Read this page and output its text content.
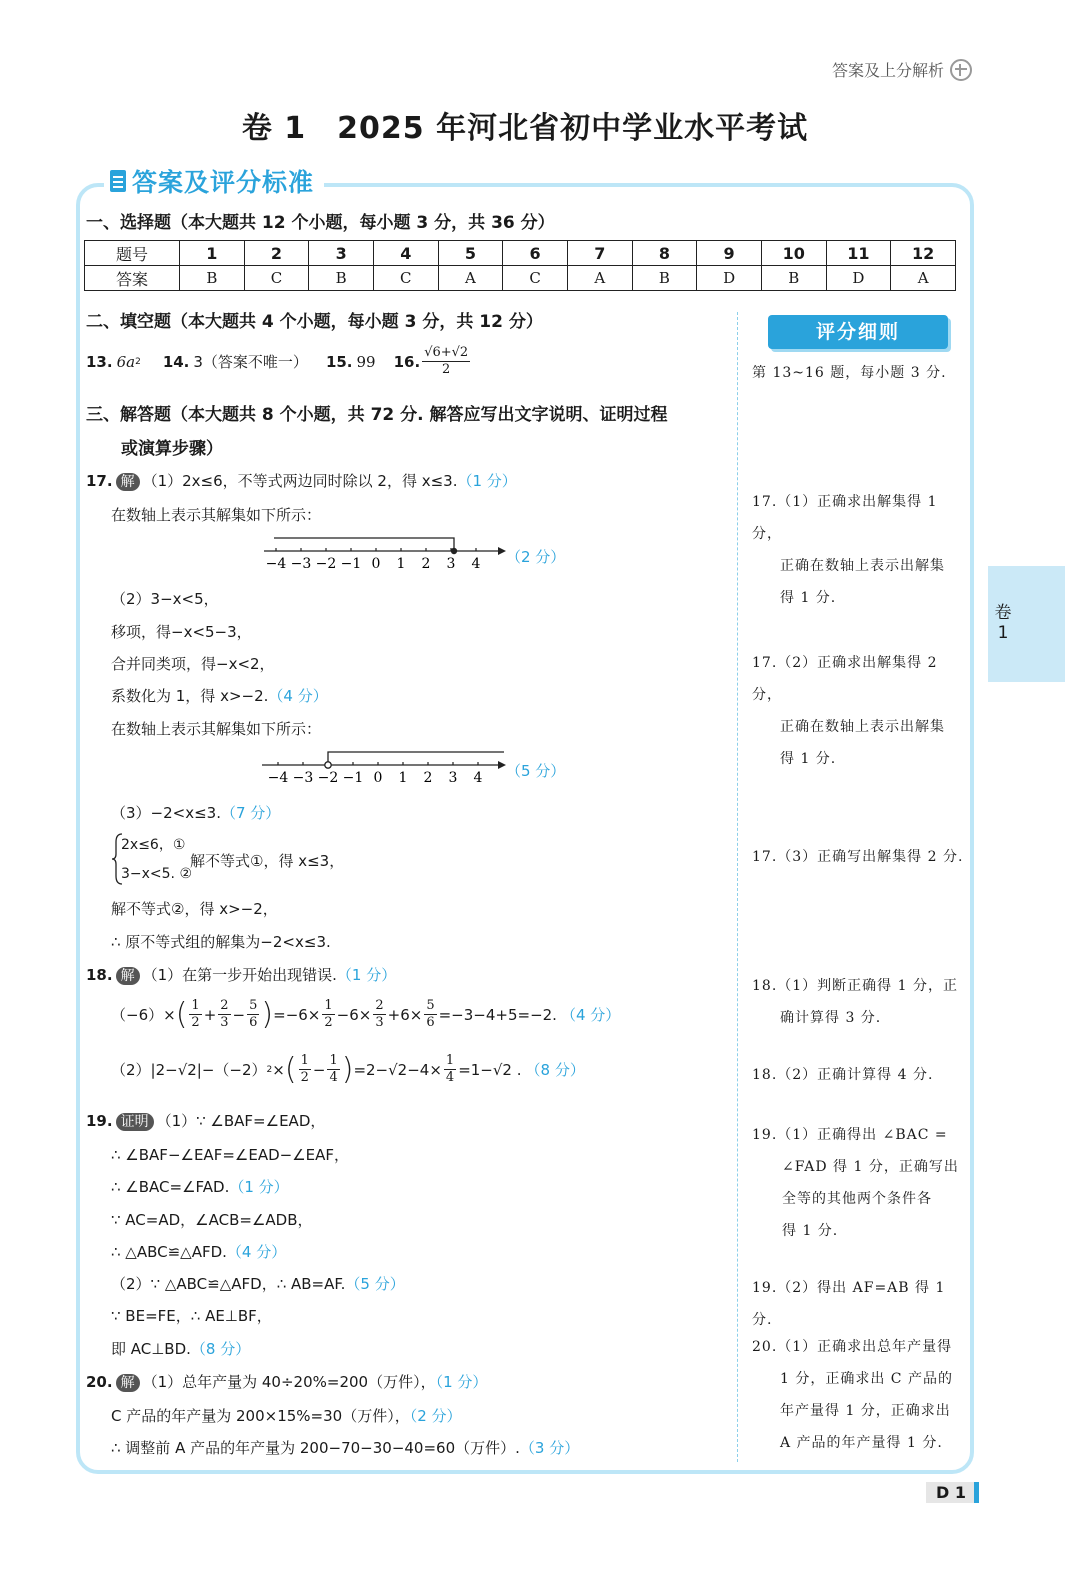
答案及上分解析
卷 1　2025 年河北省初中学业水平考试
答案及评分标准
一、选择题（本大题共 12 个小题，每小题 3 分，共 36 分）
题号	1	2	3	4	5	6	7	8	9	10	11	12
答案	B	C	B	C	A	C	A	B	D	B	D	A
评分细则
二、填空题（本大题共 4 个小题，每小题 3 分，共 12 分）
13. 6a 2 14. 3（答案不唯一） 15. 99 16. $\frac{√6+√2}{2}$	第 13~16 题，每小题 3 分.
三、解答题（本大题共 8 个小题，共 72 分. 解答应写出文字说明、证明过程
或演算步骤）
17. 解 （1）2x≤6，不等式两边同时除以 2，得 x≤3.（1 分）
在数轴上表示其解集如下所示：
−4 −3 −2 −1 0 1 2 3 4 （2 分）
（2）3−x<5，
移项，得−x<5−3，
合并同类项，得−x<2，
系数化为 1，得 x>−2.（4 分）
在数轴上表示其解集如下所示：
−4 −3 −2 −1 0 1 2 3 4 （5 分）
（3）−2<x≤3.（7 分）
2x≤6，①
3−x<5. ②
解不等式①，得 x≤3，
解不等式②，得 x>−2，
∴ 原不等式组的解集为−2<x≤3.
18. 解 （1）在第一步开始出现错误.（1 分）
（−6）× ( $\frac{1}{2} + \frac{2}{3} - \frac{5}{6}$ ) $=-6\times \frac{1}{2} -6\times \frac{2}{3} +6\times \frac{5}{6} =-3-4+5=-2$. （4 分）
（2）|2−√2|−（−2） 2 × ( $\frac{1}{2} - \frac{1}{4}$ ) $=2-√2-4\times \frac{1}{4} =1-√2$ . （8 分）
19. 证明 （1）∵ ∠BAF=∠EAD，
∴ ∠BAF−∠EAF=∠EAD−∠EAF，
∴ ∠BAC=∠FAD.（1 分）
∵ AC=AD，∠ACB=∠ADB，
∴ △ABC≌△AFD.（4 分）
（2）∵ △ABC≌△AFD，∴ AB=AF.（5 分）
∵ BE=FE，∴ AE⊥BF，
即 AC⊥BD.（8 分）
20. 解 （1）总年产量为 40÷20%=200（万件），（1 分）
C 产品的年产量为 200×15%=30（万件），（2 分）
∴ 调整前 A 产品的年产量为 200−70−30−40=60（万件）.（3 分）
17.（1）正确求出解集得 1 分，
正确在数轴上表示出解集
得 1 分.
17.（2）正确求出解集得 2 分，
正确在数轴上表示出解集
得 1 分.
17.（3）正确写出解集得 2 分.
18.（1）判断正确得 1 分，正
确计算得 3 分.
18.（2）正确计算得 4 分.
19.（1）正确得出 ∠BAC =
∠FAD 得 1 分，正确写出
全等的其他两个条件各
得 1 分.
19.（2）得出 AF=AB 得 1 分.
20.（1）正确求出总年产量得
1 分，正确求出 C 产品的
年产量得 1 分，正确求出
A 产品的年产量得 1 分.
卷
1
D 1
